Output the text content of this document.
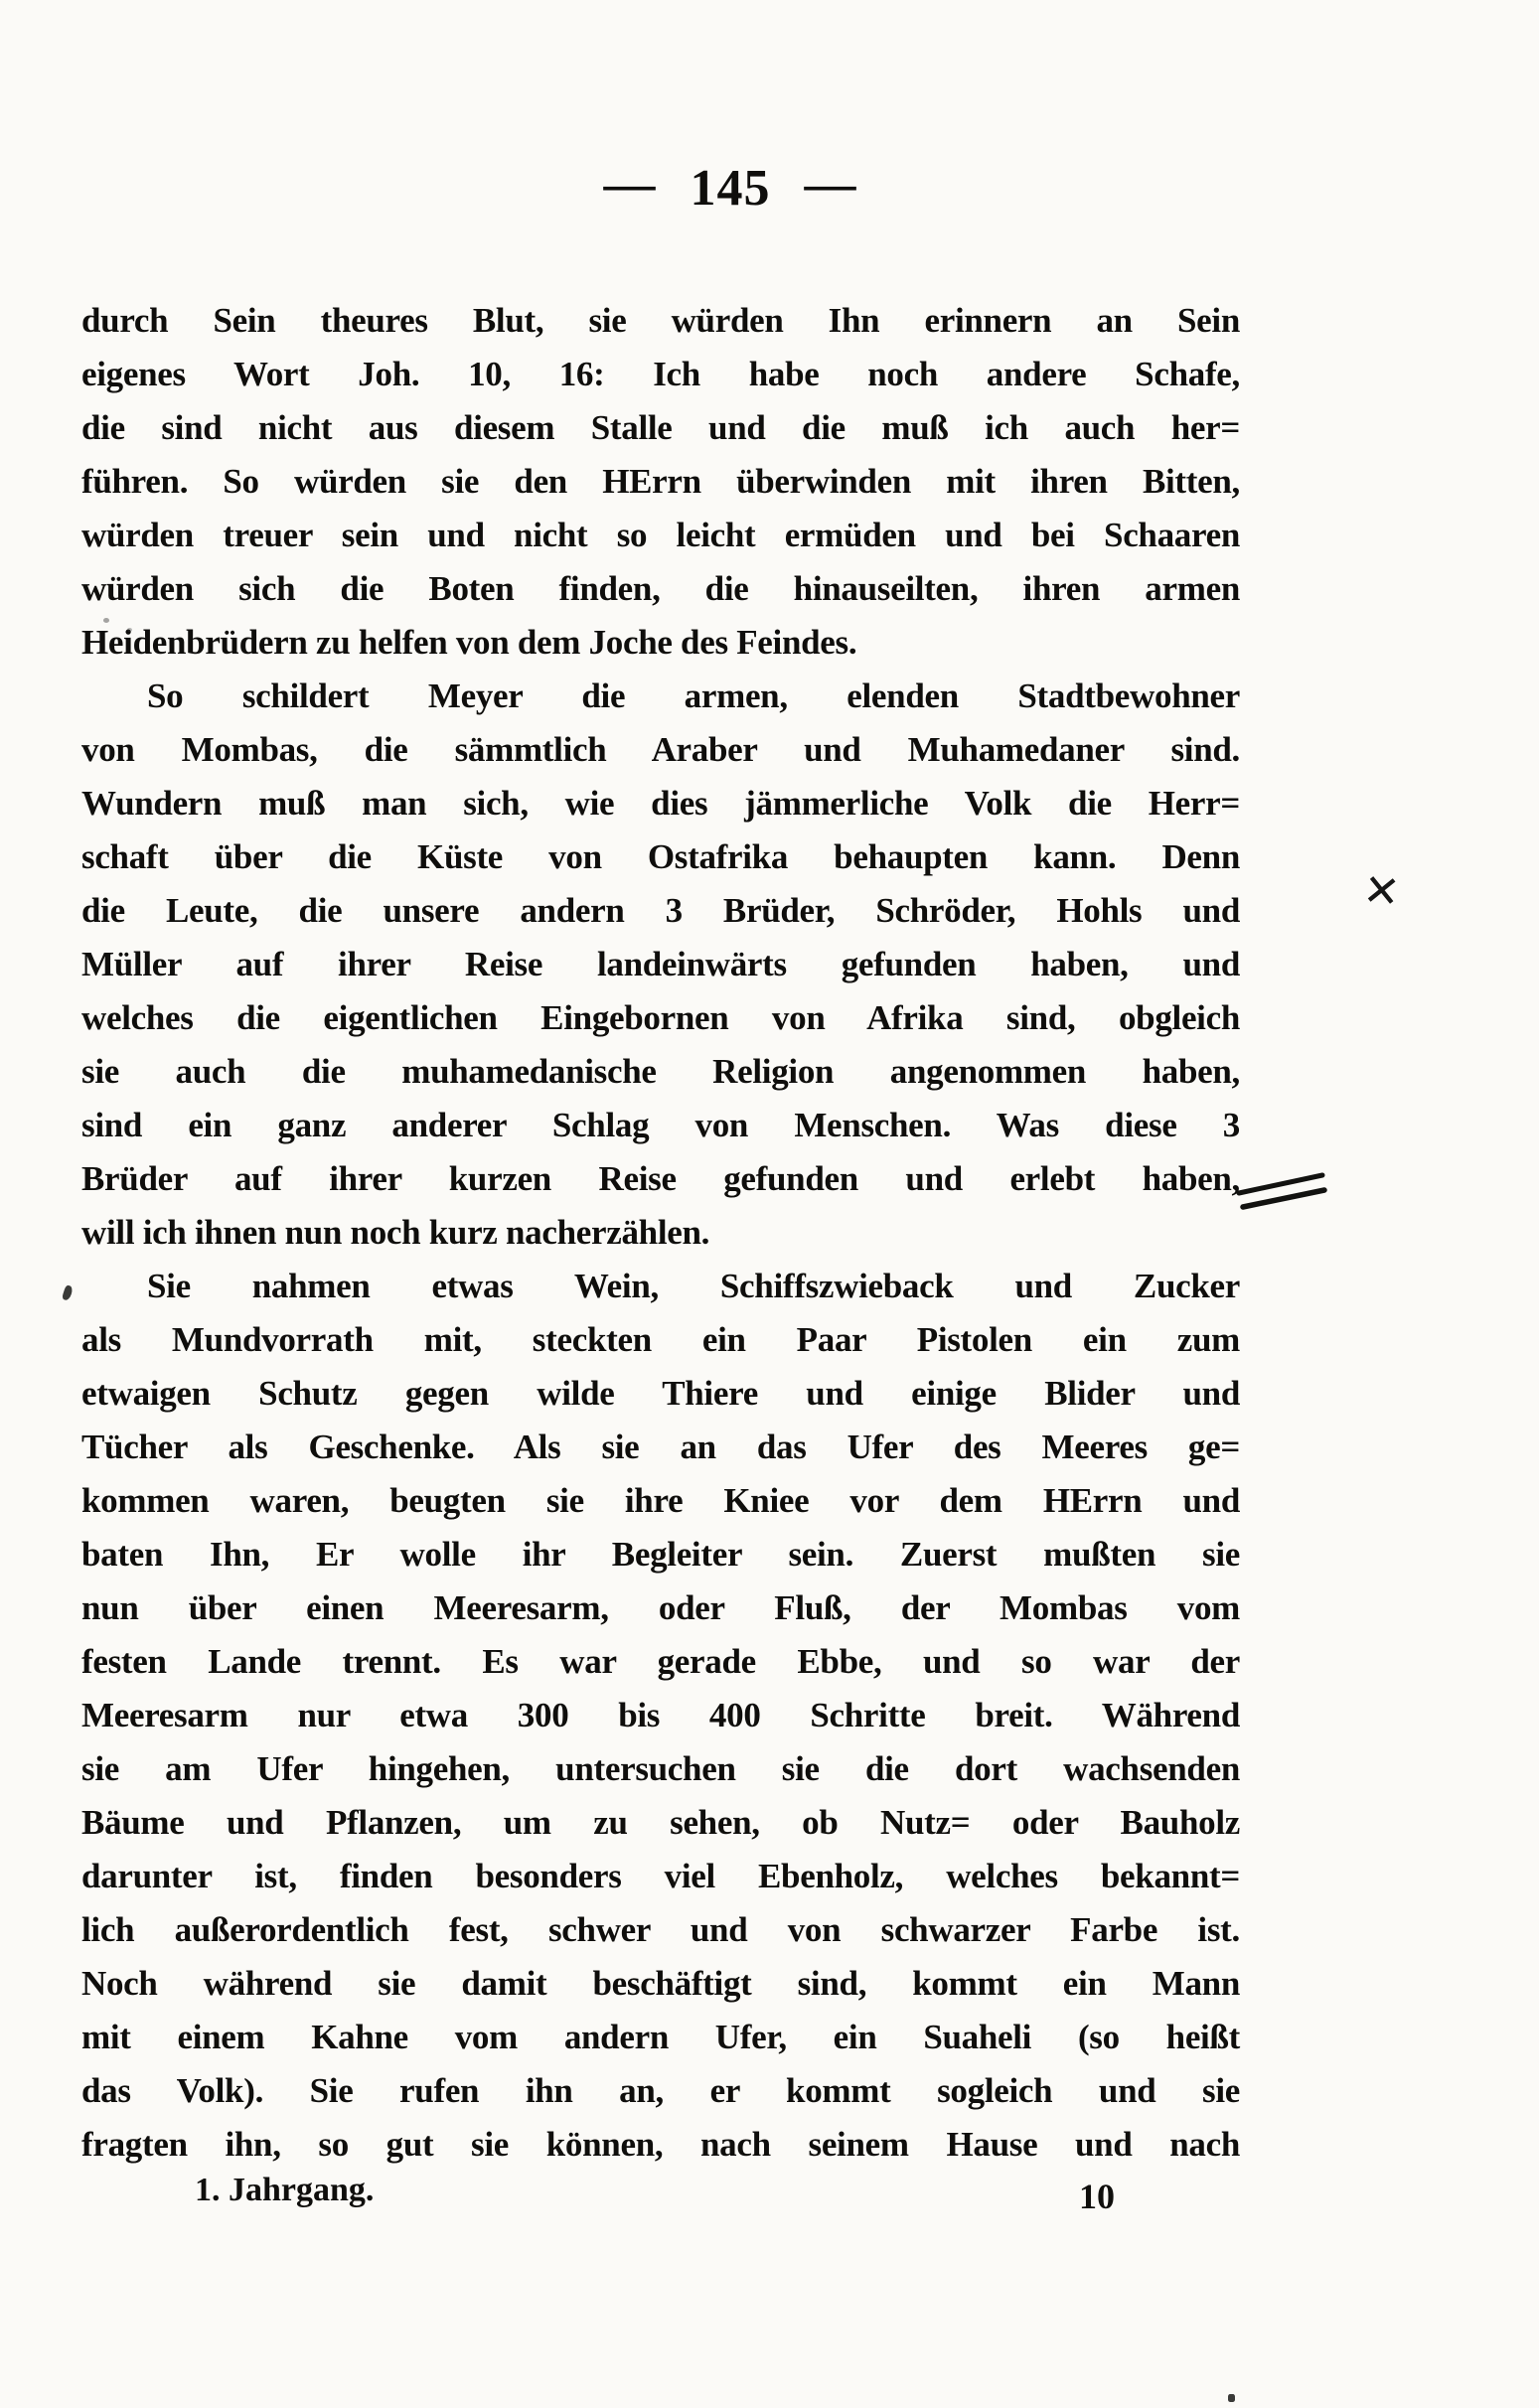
— 145 —
durch Sein theures Blut, sie würden Ihn erinnern an Sein
eigenes Wort Joh. 10, 16: Ich habe noch andere Schafe,
die sind nicht aus diesem Stalle und die muß ich auch her=
führen. So würden sie den HErrn überwinden mit ihren Bitten,
würden treuer sein und nicht so leicht ermüden und bei Schaaren
würden sich die Boten finden, die hinauseilten, ihren armen
Heidenbrüdern zu helfen von dem Joche des Feindes.
So schildert Meyer die armen, elenden Stadtbewohner
von Mombas, die sämmtlich Araber und Muhamedaner sind.
Wundern muß man sich, wie dies jämmerliche Volk die Herr=
schaft über die Küste von Ostafrika behaupten kann. Denn
die Leute, die unsere andern 3 Brüder, Schröder, Hohls und
Müller auf ihrer Reise landeinwärts gefunden haben, und
welches die eigentlichen Eingebornen von Afrika sind, obgleich
sie auch die muhamedanische Religion angenommen haben,
sind ein ganz anderer Schlag von Menschen. Was diese 3
Brüder auf ihrer kurzen Reise gefunden und erlebt haben,
will ich ihnen nun noch kurz nacherzählen.
Sie nahmen etwas Wein, Schiffszwieback und Zucker
als Mundvorrath mit, steckten ein Paar Pistolen ein zum
etwaigen Schutz gegen wilde Thiere und einige Blider und
Tücher als Geschenke. Als sie an das Ufer des Meeres ge=
kommen waren, beugten sie ihre Kniee vor dem HErrn und
baten Ihn, Er wolle ihr Begleiter sein. Zuerst mußten sie
nun über einen Meeresarm, oder Fluß, der Mombas vom
festen Lande trennt. Es war gerade Ebbe, und so war der
Meeresarm nur etwa 300 bis 400 Schritte breit. Während
sie am Ufer hingehen, untersuchen sie die dort wachsenden
Bäume und Pflanzen, um zu sehen, ob Nutz= oder Bauholz
darunter ist, finden besonders viel Ebenholz, welches bekannt=
lich außerordentlich fest, schwer und von schwarzer Farbe ist.
Noch während sie damit beschäftigt sind, kommt ein Mann
mit einem Kahne vom andern Ufer, ein Suaheli (so heißt
das Volk). Sie rufen ihn an, er kommt sogleich und sie
fragten ihn, so gut sie können, nach seinem Hause und nach
✕
1. Jahrgang.	10
